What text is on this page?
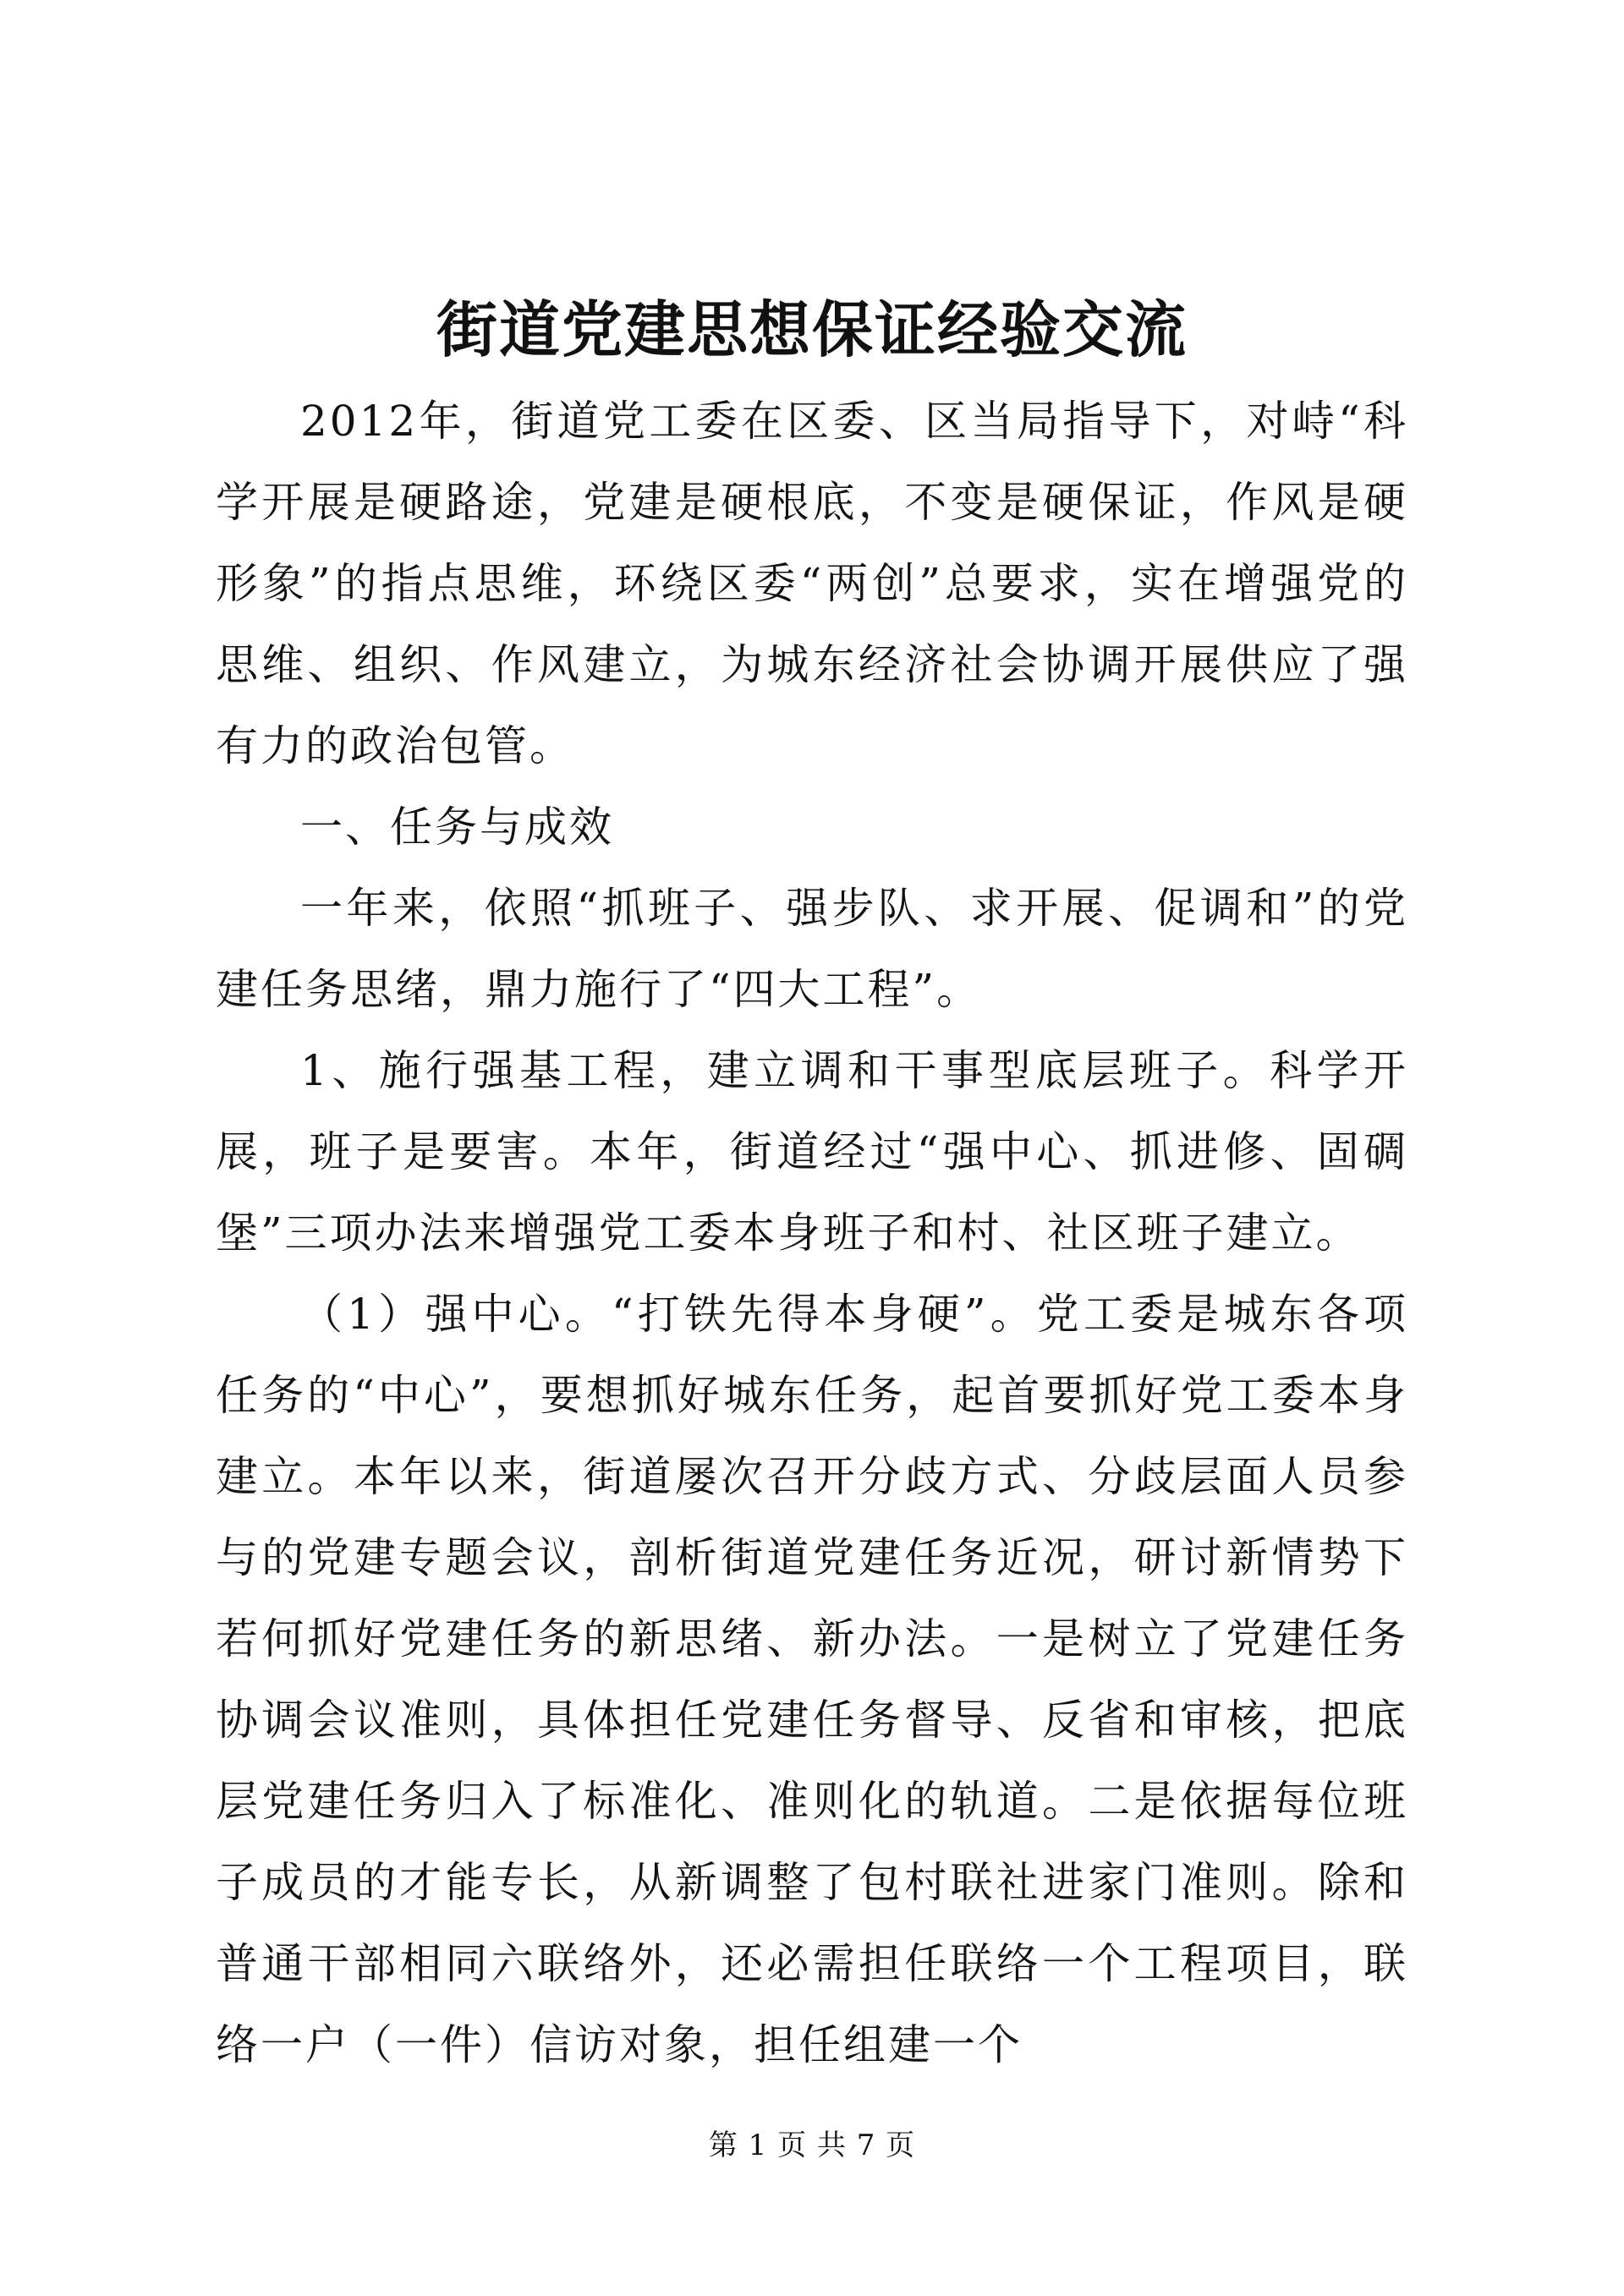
街道党建思想保证经验交流

2012年，街道党工委在区委、区当局指导下，对峙“科学开展是硬路途，党建是硬根底，不变是硬保证，作风是硬形象”的指点思维，环绕区委“两创”总要求，实在增强党的思维、组织、作风建立，为城东经济社会协调开展供应了强有力的政治包管。

一、任务与成效

一年来，依照“抓班子、强步队、求开展、促调和”的党建任务思绪，鼎力施行了“四大工程”。

1、施行强基工程，建立调和干事型底层班子。科学开展，班子是要害。本年，街道经过“强中心、抓进修、固碉堡”三项办法来增强党工委本身班子和村、社区班子建立。

（1）强中心。“打铁先得本身硬”。党工委是城东各项任务的“中心”，要想抓好城东任务，起首要抓好党工委本身建立。本年以来，街道屡次召开分歧方式、分歧层面人员参与的党建专题会议，剖析街道党建任务近况，研讨新情势下若何抓好党建任务的新思绪、新办法。一是树立了党建任务协调会议准则，具体担任党建任务督导、反省和审核，把底层党建任务归入了标准化、准则化的轨道。二是依据每位班子成员的才能专长，从新调整了包村联社进家门准则。除和普通干部相同六联络外，还必需担任联络一个工程项目，联络一户（一件）信访对象，担任组建一个

第 1 页 共 7 页
